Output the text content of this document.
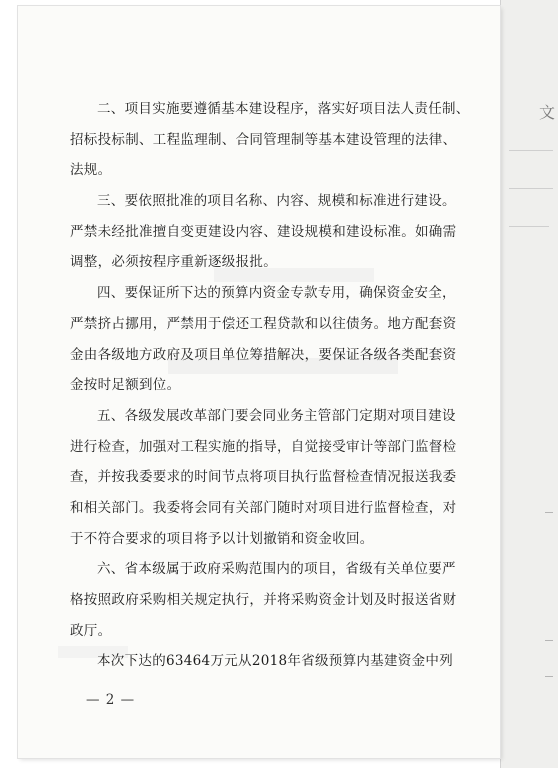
文
二、项目实施要遵循基本建设程序，落实好项目法人责任制、
招标投标制、工程监理制、合同管理制等基本建设管理的法律、
法规。
三、要依照批准的项目名称、内容、规模和标准进行建设。
严禁未经批准擅自变更建设内容、建设规模和建设标准。如确需
调整，必须按程序重新逐级报批。
四、要保证所下达的预算内资金专款专用，确保资金安全，
严禁挤占挪用，严禁用于偿还工程贷款和以往债务。地方配套资
金由各级地方政府及项目单位筹措解决，要保证各级各类配套资
金按时足额到位。
五、各级发展改革部门要会同业务主管部门定期对项目建设
进行检查，加强对工程实施的指导，自觉接受审计等部门监督检
查，并按我委要求的时间节点将项目执行监督检查情况报送我委
和相关部门。我委将会同有关部门随时对项目进行监督检查，对
于不符合要求的项目将予以计划撤销和资金收回。
六、省本级属于政府采购范围内的项目，省级有关单位要严
格按照政府采购相关规定执行，并将采购资金计划及时报送省财
政厅。
本次下达的63464万元从2018年省级预算内基建资金中列
— 2 —
